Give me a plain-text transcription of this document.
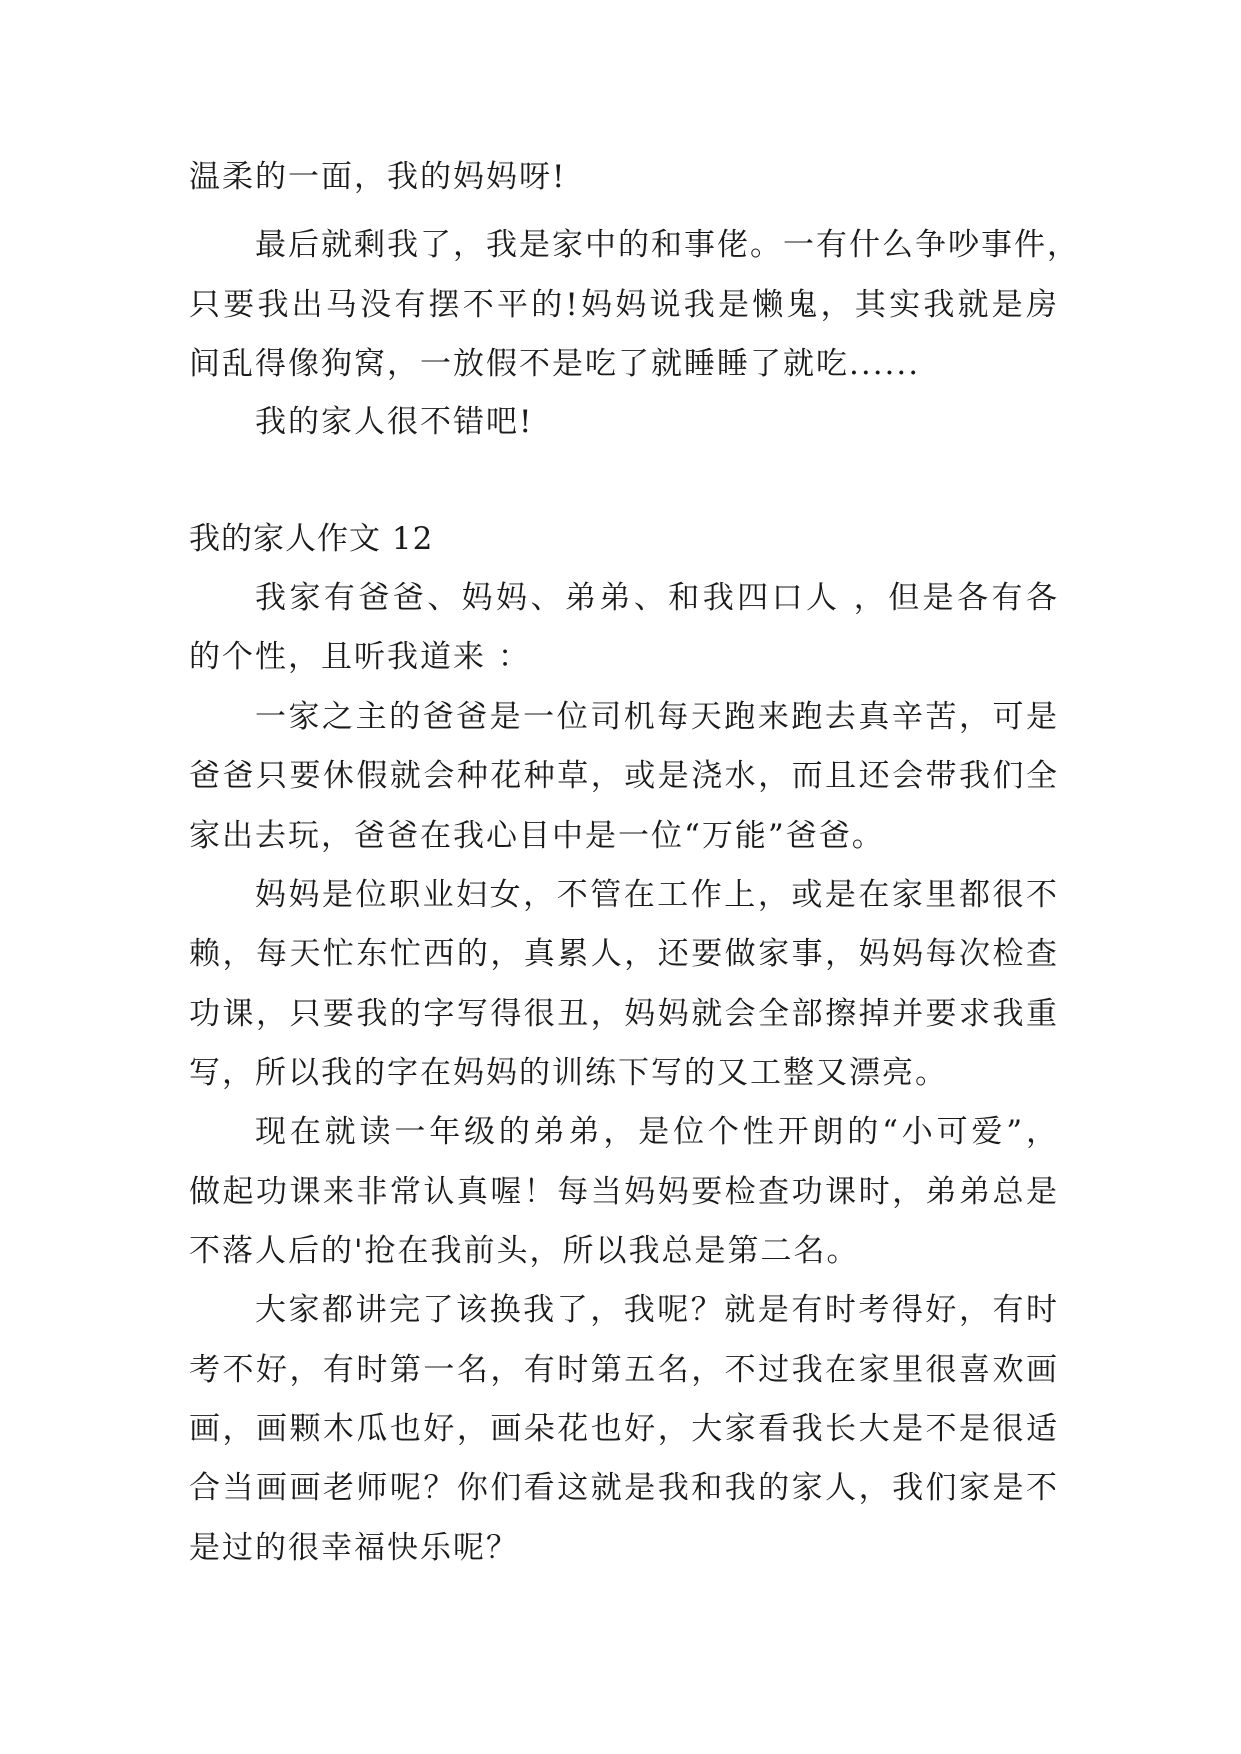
温柔的一面，我的妈妈呀!
最后就剩我了，我是家中的和事佬。一有什么争吵事件，
只要我出马没有摆不平的!妈妈说我是懒鬼，其实我就是房
间乱得像狗窝，一放假不是吃了就睡睡了就吃......
我的家人很不错吧!
我的家人作文 12
我家有爸爸、妈妈、弟弟、和我四口人 ，但是各有各
的个性，且听我道来 ：
一家之主的爸爸是一位司机每天跑来跑去真辛苦，可是
爸爸只要休假就会种花种草，或是浇水，而且还会带我们全
家出去玩，爸爸在我心目中是一位“万能”爸爸。
妈妈是位职业妇女，不管在工作上，或是在家里都很不
赖，每天忙东忙西的，真累人，还要做家事，妈妈每次检查
功课，只要我的字写得很丑，妈妈就会全部擦掉并要求我重
写，所以我的字在妈妈的训练下写的又工整又漂亮。
现在就读一年级的弟弟，是位个性开朗的“小可爱”，
做起功课来非常认真喔！每当妈妈要检查功课时，弟弟总是
不落人后的'抢在我前头，所以我总是第二名。
大家都讲完了该换我了，我呢？就是有时考得好，有时
考不好，有时第一名，有时第五名，不过我在家里很喜欢画
画，画颗木瓜也好，画朵花也好，大家看我长大是不是很适
合当画画老师呢？你们看这就是我和我的家人，我们家是不
是过的很幸福快乐呢？
